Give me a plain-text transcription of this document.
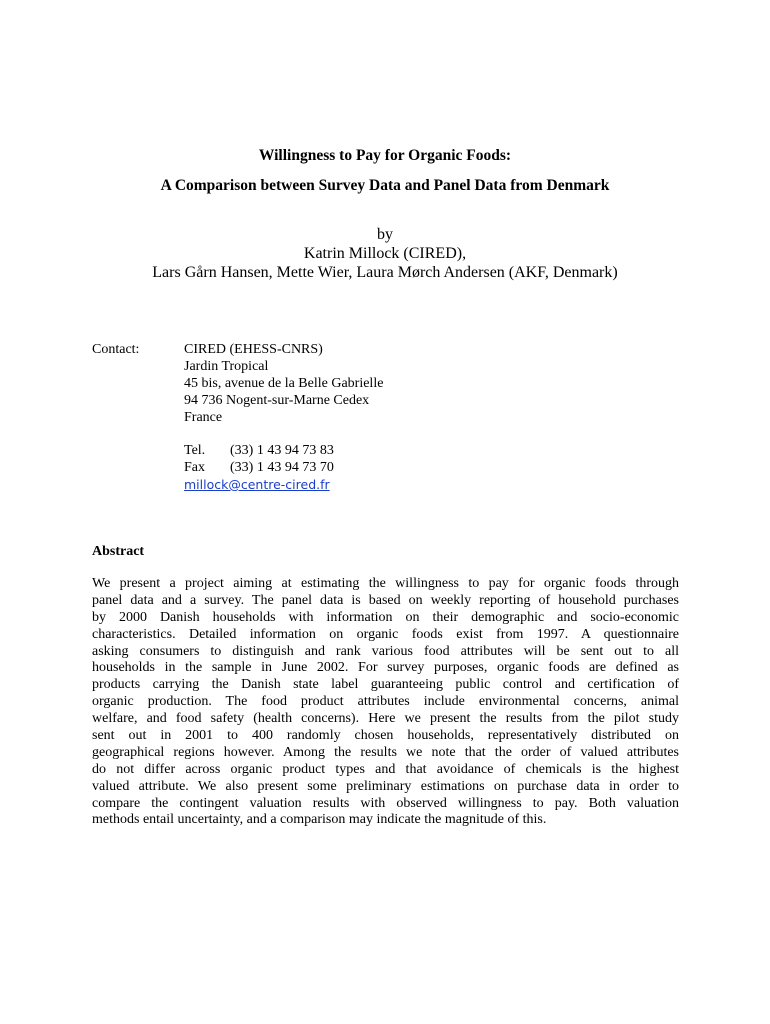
Willingness to Pay for Organic Foods:
A Comparison between Survey Data and Panel Data from Denmark
by
Katrin Millock (CIRED),
Lars Gårn Hansen, Mette Wier, Laura Mørch Andersen (AKF, Denmark)
Contact:	CIRED (EHESS-CNRS)
Jardin Tropical
45 bis, avenue de la Belle Gabrielle
94 736 Nogent-sur-Marne Cedex
France
Tel. (33) 1 43 94 73 83
Fax (33) 1 43 94 73 70
millock@centre-cired.fr
Abstract
We present a project aiming at estimating the willingness to pay for organic foods through
panel data and a survey. The panel data is based on weekly reporting of household purchases
by 2000 Danish households with information on their demographic and socio-economic
characteristics. Detailed information on organic foods exist from 1997. A questionnaire
asking consumers to distinguish and rank various food attributes will be sent out to all
households in the sample in June 2002. For survey purposes, organic foods are defined as
products carrying the Danish state label guaranteeing public control and certification of
organic production. The food product attributes include environmental concerns, animal
welfare, and food safety (health concerns). Here we present the results from the pilot study
sent out in 2001 to 400 randomly chosen households, representatively distributed on
geographical regions however. Among the results we note that the order of valued attributes
do not differ across organic product types and that avoidance of chemicals is the highest
valued attribute. We also present some preliminary estimations on purchase data in order to
compare the contingent valuation results with observed willingness to pay. Both valuation
methods entail uncertainty, and a comparison may indicate the magnitude of this.
